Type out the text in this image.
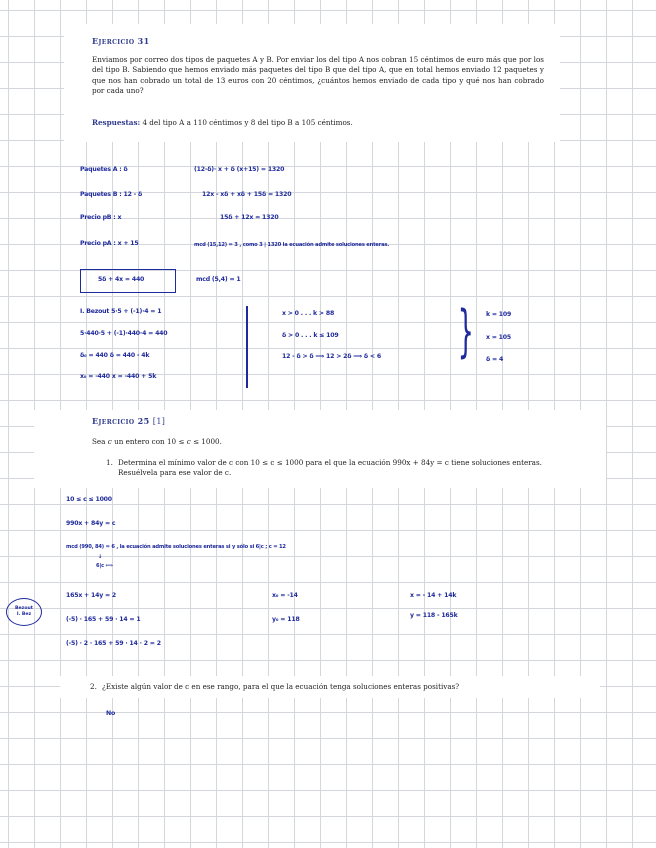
Ejercicio 31
Enviamos por correo dos tipos de paquetes A y B. Por enviar los del tipo A nos cobran 15 céntimos de euro más que por los del tipo B. Sabiendo que hemos enviado más paquetes del tipo B que del tipo A, que en total hemos enviado 12 paquetes y que nos han cobrado un total de 13 euros con 20 céntimos, ¿cuántos hemos enviado de cada tipo y qué nos han cobrado por cada uno?
Respuestas: 4 del tipo A a 110 céntimos y 8 del tipo B a 105 céntimos.
Paquetes A : δ	(12-δ)· x + δ (x+15) = 1320
Paquetes B : 12 - δ	12x - xδ + xδ + 15δ = 1320
Precio pB : x	15δ + 12x = 1320
Precio pA : x + 15	mcd (15,12) = 3 , como 3 | 1320 la ecuación admite soluciones enteras.
5δ + 4x = 440	mcd (5,4) = 1
I. Bezout 5·5 + (-1)·4 = 1
5·440·5 + (-1)·440·4 = 440
δ₀ = 440 δ = 440 - 4k
x₀ = -440 x = -440 + 5k
x > 0 . . . k > 88
δ > 0 . . . k ≤ 109
12 - δ > δ ⟹ 12 > 2δ ⟹ δ < 6 } k = 109
x = 105
δ = 4
Ejercicio 25 [1]
Sea c un entero con 10 ≤ c ≤ 1000.
1. Determina el mínimo valor de c con 10 ≤ c ≤ 1000 para el que la ecuación 990x + 84y = c tiene soluciones enteras. Resuélvela para ese valor de c.
10 ≤ c ≤ 1000
990x + 84y = c
mcd (990, 84) = 6 , la ecuación admite soluciones enteras si y sólo si 6|c ; c = 12
↓
6|c ⟺
165x + 14y = 2	x₀ = -14	x = - 14 + 14k
(-5) · 165 + 59 · 14 = 1	y₀ = 118
y = 118 - 165k
(-5) · 2 · 165 + 59 · 14 · 2 = 2
Bezout
I. Bez
2. ¿Existe algún valor de c en ese rango, para el que la ecuación tenga soluciones enteras positivas?
No
